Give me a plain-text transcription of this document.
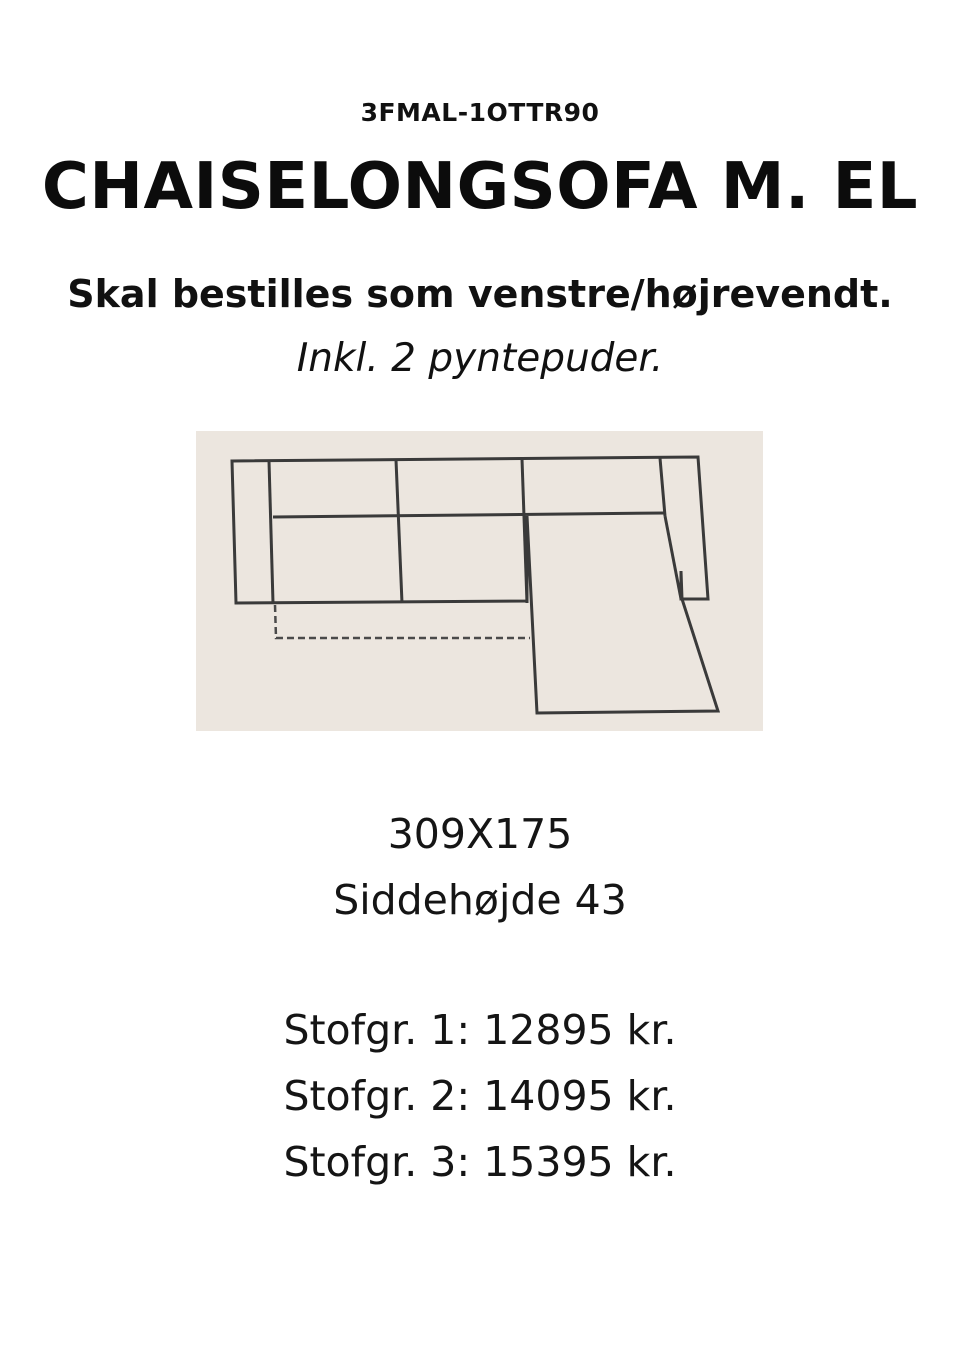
3FMAL-1OTTR90
CHAISELONGSOFA M. EL
Skal bestilles som venstre/højrevendt.
Inkl. 2 pyntepuder.
309X175
Siddehøjde 43
Stofgr. 1: 12895 kr.
Stofgr. 2: 14095 kr.
Stofgr. 3: 15395 kr.
